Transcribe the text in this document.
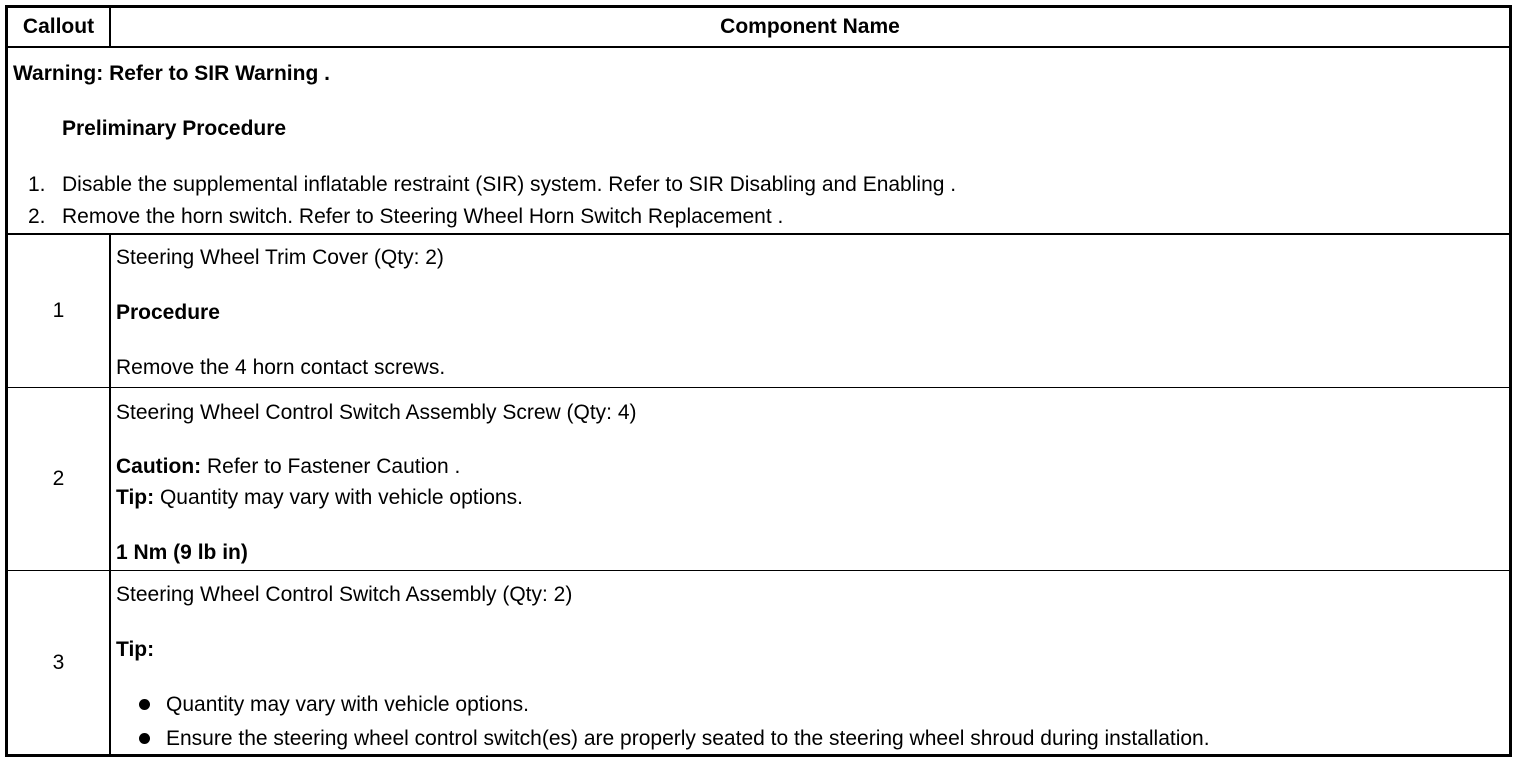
Callout	Component Name
Warning: Refer to SIR Warning .
Preliminary Procedure
1. Disable the supplemental inflatable restraint (SIR) system. Refer to SIR Disabling and Enabling .
2. Remove the horn switch. Refer to Steering Wheel Horn Switch Replacement .
1
Steering Wheel Trim Cover (Qty: 2)
Procedure
Remove the 4 horn contact screws.
2
Steering Wheel Control Switch Assembly Screw (Qty: 4)
Caution: Refer to Fastener Caution .
Tip: Quantity may vary with vehicle options.
1 Nm (9 lb in)
3
Steering Wheel Control Switch Assembly (Qty: 2)
Tip:
Quantity may vary with vehicle options.
Ensure the steering wheel control switch(es) are properly seated to the steering wheel shroud during installation.
